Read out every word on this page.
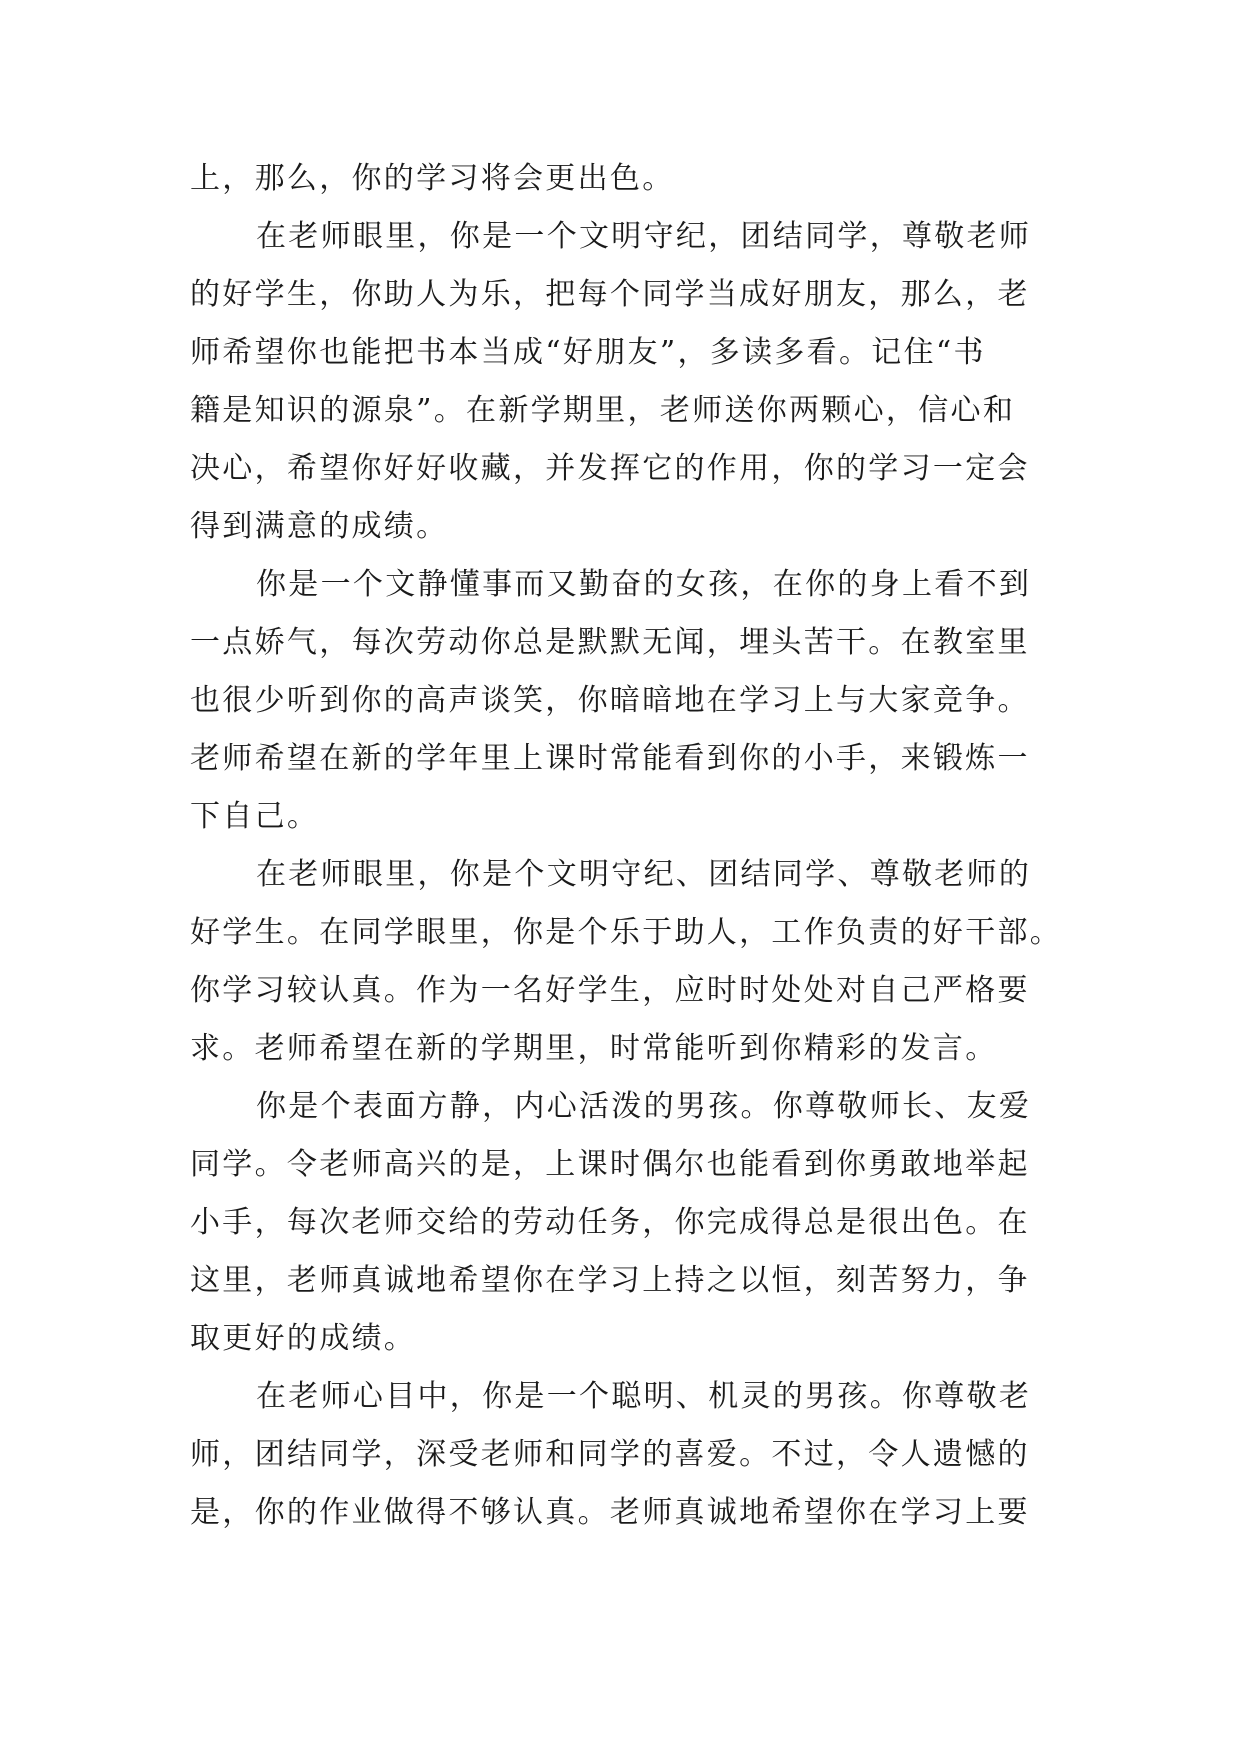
上，那么，你的学习将会更出色。
在老师眼里，你是一个文明守纪，团结同学，尊敬老师
的好学生，你助人为乐，把每个同学当成好朋友，那么，老
师希望你也能把书本当成“好朋友”，多读多看。记住“书
籍是知识的源泉”。在新学期里，老师送你两颗心，信心和
决心，希望你好好收藏，并发挥它的作用，你的学习一定会
得到满意的成绩。
你是一个文静懂事而又勤奋的女孩，在你的身上看不到
一点娇气，每次劳动你总是默默无闻，埋头苦干。在教室里
也很少听到你的高声谈笑，你暗暗地在学习上与大家竞争。
老师希望在新的学年里上课时常能看到你的小手，来锻炼一
下自己。
在老师眼里，你是个文明守纪、团结同学、尊敬老师的
好学生。在同学眼里，你是个乐于助人，工作负责的好干部。
你学习较认真。作为一名好学生，应时时处处对自己严格要
求。老师希望在新的学期里，时常能听到你精彩的发言。
你是个表面方静，内心活泼的男孩。你尊敬师长、友爱
同学。令老师高兴的是，上课时偶尔也能看到你勇敢地举起
小手，每次老师交给的劳动任务，你完成得总是很出色。在
这里，老师真诚地希望你在学习上持之以恒，刻苦努力，争
取更好的成绩。
在老师心目中，你是一个聪明、机灵的男孩。你尊敬老
师，团结同学，深受老师和同学的喜爱。不过，令人遗憾的
是，你的作业做得不够认真。老师真诚地希望你在学习上要
